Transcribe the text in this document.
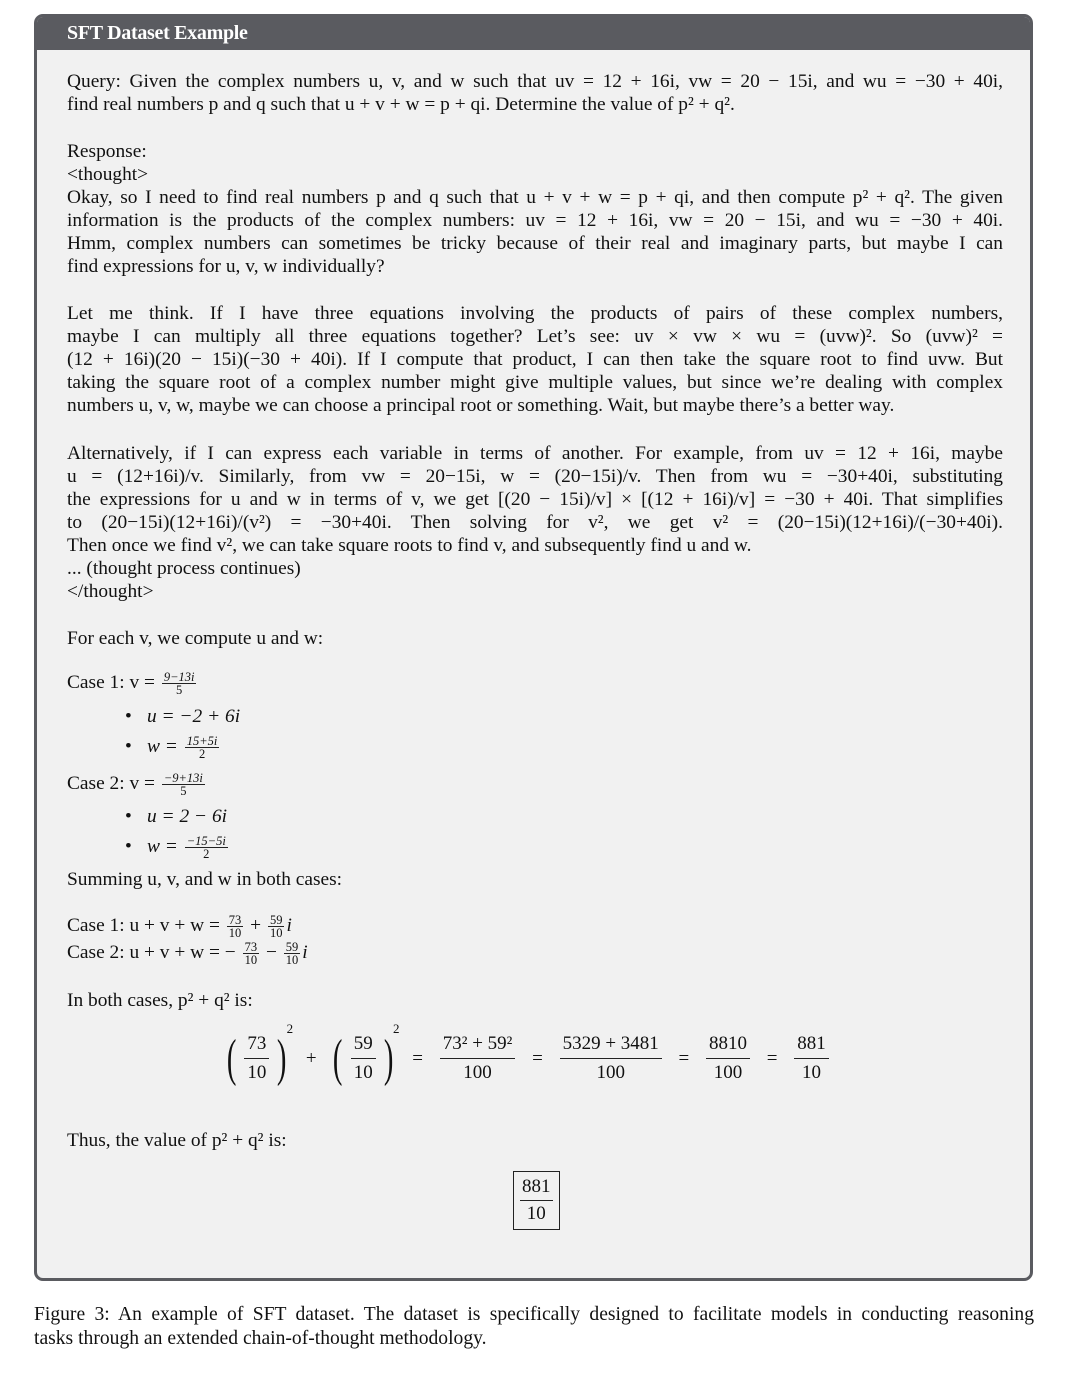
SFT Dataset Example
Query: Given the complex numbers u, v, and w such that uv = 12 + 16i, vw = 20 − 15i, and wu = −30 + 40i,
find real numbers p and q such that u + v + w = p + qi. Determine the value of p² + q².
Response:
<thought>
Okay, so I need to find real numbers p and q such that u + v + w = p + qi, and then compute p² + q². The given
information is the products of the complex numbers: uv = 12 + 16i, vw = 20 − 15i, and wu = −30 + 40i.
Hmm, complex numbers can sometimes be tricky because of their real and imaginary parts, but maybe I can
find expressions for u, v, w individually?
Let me think. If I have three equations involving the products of pairs of these complex numbers,
maybe I can multiply all three equations together? Let’s see: uv × vw × wu = (uvw)². So (uvw)² =
(12 + 16i)(20 − 15i)(−30 + 40i). If I compute that product, I can then take the square root to find uvw. But
taking the square root of a complex number might give multiple values, but since we’re dealing with complex
numbers u, v, w, maybe we can choose a principal root or something. Wait, but maybe there’s a better way.
Alternatively, if I can express each variable in terms of another. For example, from uv = 12 + 16i, maybe
u = (12+16i)/v. Similarly, from vw = 20−15i, w = (20−15i)/v. Then from wu = −30+40i, substituting
the expressions for u and w in terms of v, we get [(20 − 15i)/v] × [(12 + 16i)/v] = −30 + 40i. That simplifies
to (20−15i)(12+16i)/(v²) = −30+40i. Then solving for v², we get v² = (20−15i)(12+16i)/(−30+40i).
Then once we find v², we can take square roots to find v, and subsequently find u and w.
... (thought process continues)
</thought>
For each v, we compute u and w:
Case 1: $v = \frac{9-13i}{5}$
• u = −2 + 6i
• $w = \frac{15+5i}{2}$
Case 2: $v = \frac{-9+13i}{5}$
• u = 2 − 6i
• $w = \frac{-15-5i}{2}$
Summing u, v, and w in both cases:
Case 1: $u + v + w = \frac{73}{10} + \frac{59}{10}$ i
Case 2: u + v + w = − $\frac{73}{10} - \frac{59}{10}$ i
In both cases, p² + q² is:
Thus, the value of p² + q² is:
( $\frac{73}{10} )2$ + ( $\frac{59}{10} )2 = \frac{\text{73² + 59²}}{100} = \frac{5329 + 3481}{100} = \frac{8810}{100} = \frac{881}{10}$
$\frac{881}{10}$
Figure 3: An example of SFT dataset. The dataset is specifically designed to facilitate models in conducting reasoning
tasks through an extended chain-of-thought methodology.
